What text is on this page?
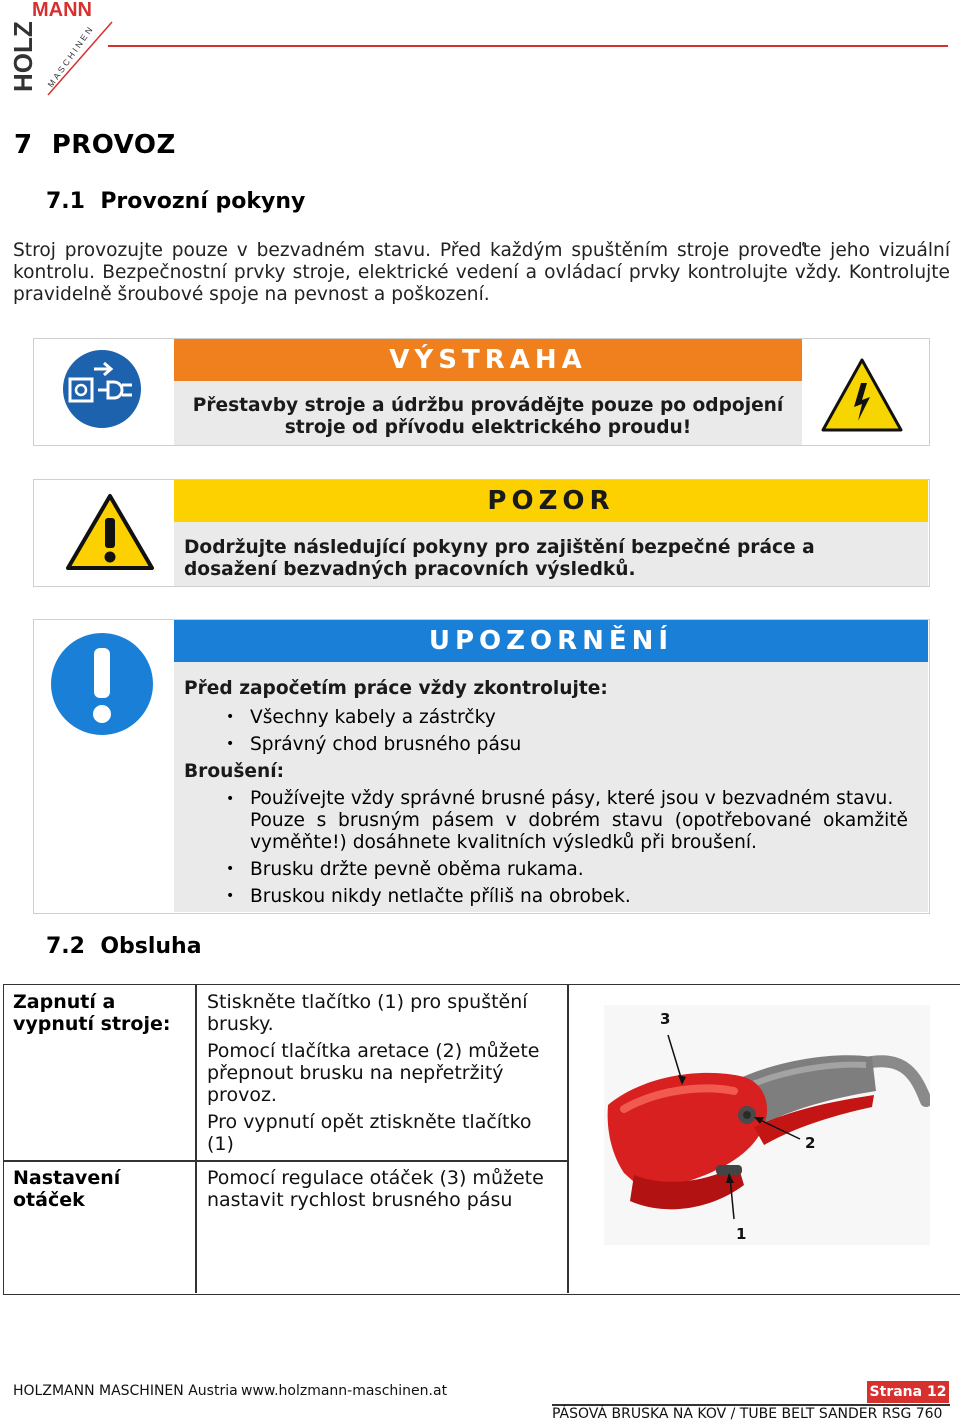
MANN
HOLZ MASCHINEN
7 PROVOZ
7.1 Provozní pokyny
Stroj provozujte pouze v bezvadném stavu. Před každým spuštěním stroje proveďte jeho vizuální kontrolu. Bezpečnostní prvky stroje, elektrické vedení a ovládací prvky kontrolujte vždy. Kontrolujte pravidelně šroubové spoje na pevnost a poškození.
VÝSTRAHA
Přestavby stroje a údržbu provádějte pouze po odpojení
stroje od přívodu elektrického proudu!
POZOR
Dodržujte následující pokyny pro zajištění bezpečné práce a
dosažení bezvadných pracovních výsledků.
UPOZORNĚNÍ
Před započetím práce vždy zkontrolujte:
• Všechny kabely a zástrčky
• Správný chod brusného pásu
Broušení:
• Používejte vždy správné brusné pásy, které jsou v bezvadném stavu.
Pouze s brusným pásem v dobrém stavu (opotřebované okamžitě
vyměňte!) dosáhnete kvalitních výsledků při broušení.
• Brusku držte pevně oběma rukama.
• Bruskou nikdy netlačte příliš na obrobek.
7.2 Obsluha
Zapnutí a
vypnutí stroje:
Stiskněte tlačítko (1) pro spuštění
brusky.
Pomocí tlačítka aretace (2) můžete
přepnout brusku na nepřetržitý
provoz.
Pro vypnutí opět ztiskněte tlačítko
(1)
Nastavení
otáček
Pomocí regulace otáček (3) můžete
nastavit rychlost brusného pásu
3
2
1
HOLZMANN MASCHINEN Austria www.holzmann-maschinen.at	Strana 12
PÁSOVÁ BRUSKA NA KOV / TUBE BELT SANDER RSG 760
